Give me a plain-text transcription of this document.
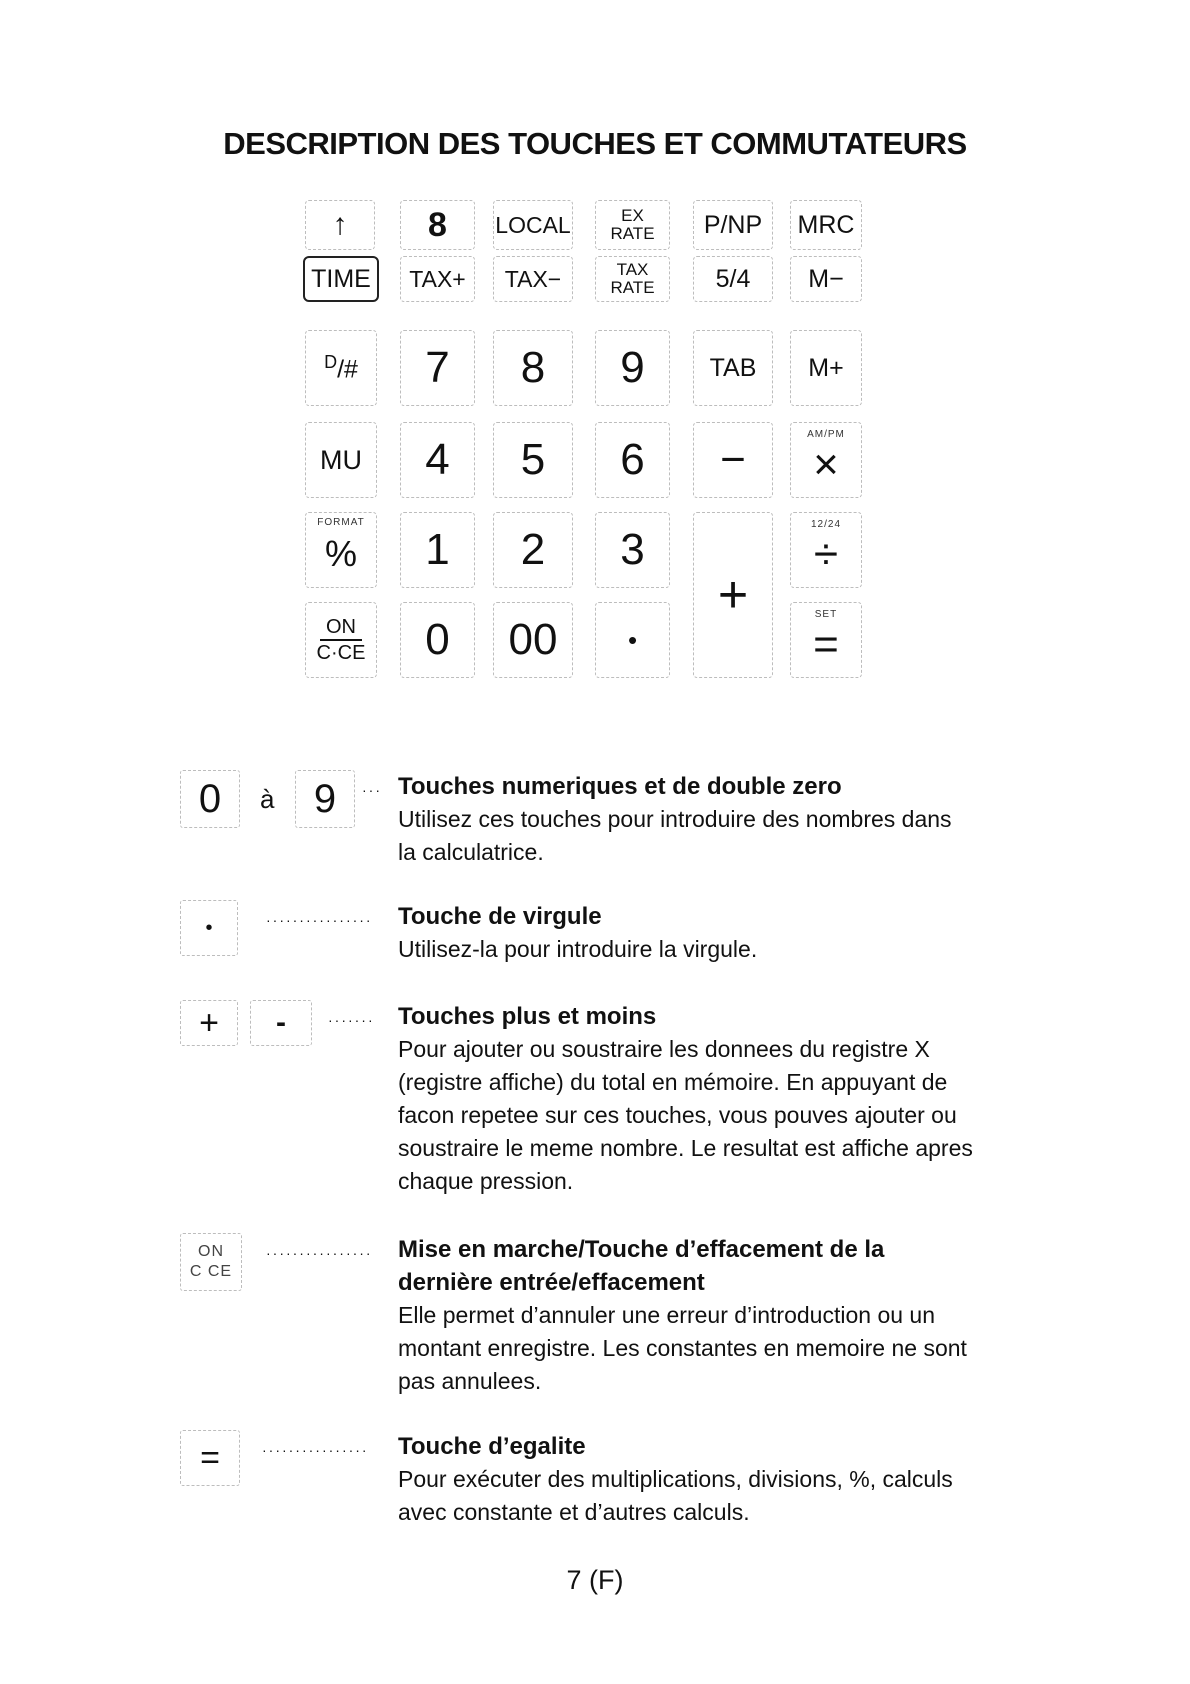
DESCRIPTION DES TOUCHES ET COMMUTATEURS
↑ 8 LOCAL	EX
RATE P/NP MRC
TIME TAX+ TAX−	TAX
RATE 5/4 M−
$^D$/# 7 8 9	TAB M+
MU 4 5 6 −
AM/PM
×
FORMAT
% 1 2 3
+
12/24
÷
ON
C·CE 0 00	•
SET
=
0 à 9 ··· Touches numeriques et de double zero
Utilisez ces touches pour introduire des nombres dans
la calculatrice.
•	················ Touche de virgule
Utilisez-la pour introduire la virgule.
+ -	······· Touches plus et moins
Pour ajouter ou soustraire les donnees du registre X
(registre affiche) du total en mémoire. En appuyant de
facon repetee sur ces touches, vous pouves ajouter ou
soustraire le meme nombre. Le resultat est affiche apres
chaque pression.
ON
C CE
················ Mise en marche/Touche d’effacement de la
dernière entrée/effacement
Elle permet d’annuler une erreur d’introduction ou un
montant enregistre. Les constantes en memoire ne sont
pas annulees.
=	················ Touche d’egalite
Pour exécuter des multiplications, divisions, %, calculs
avec constante et d’autres calculs.
7 (F)
